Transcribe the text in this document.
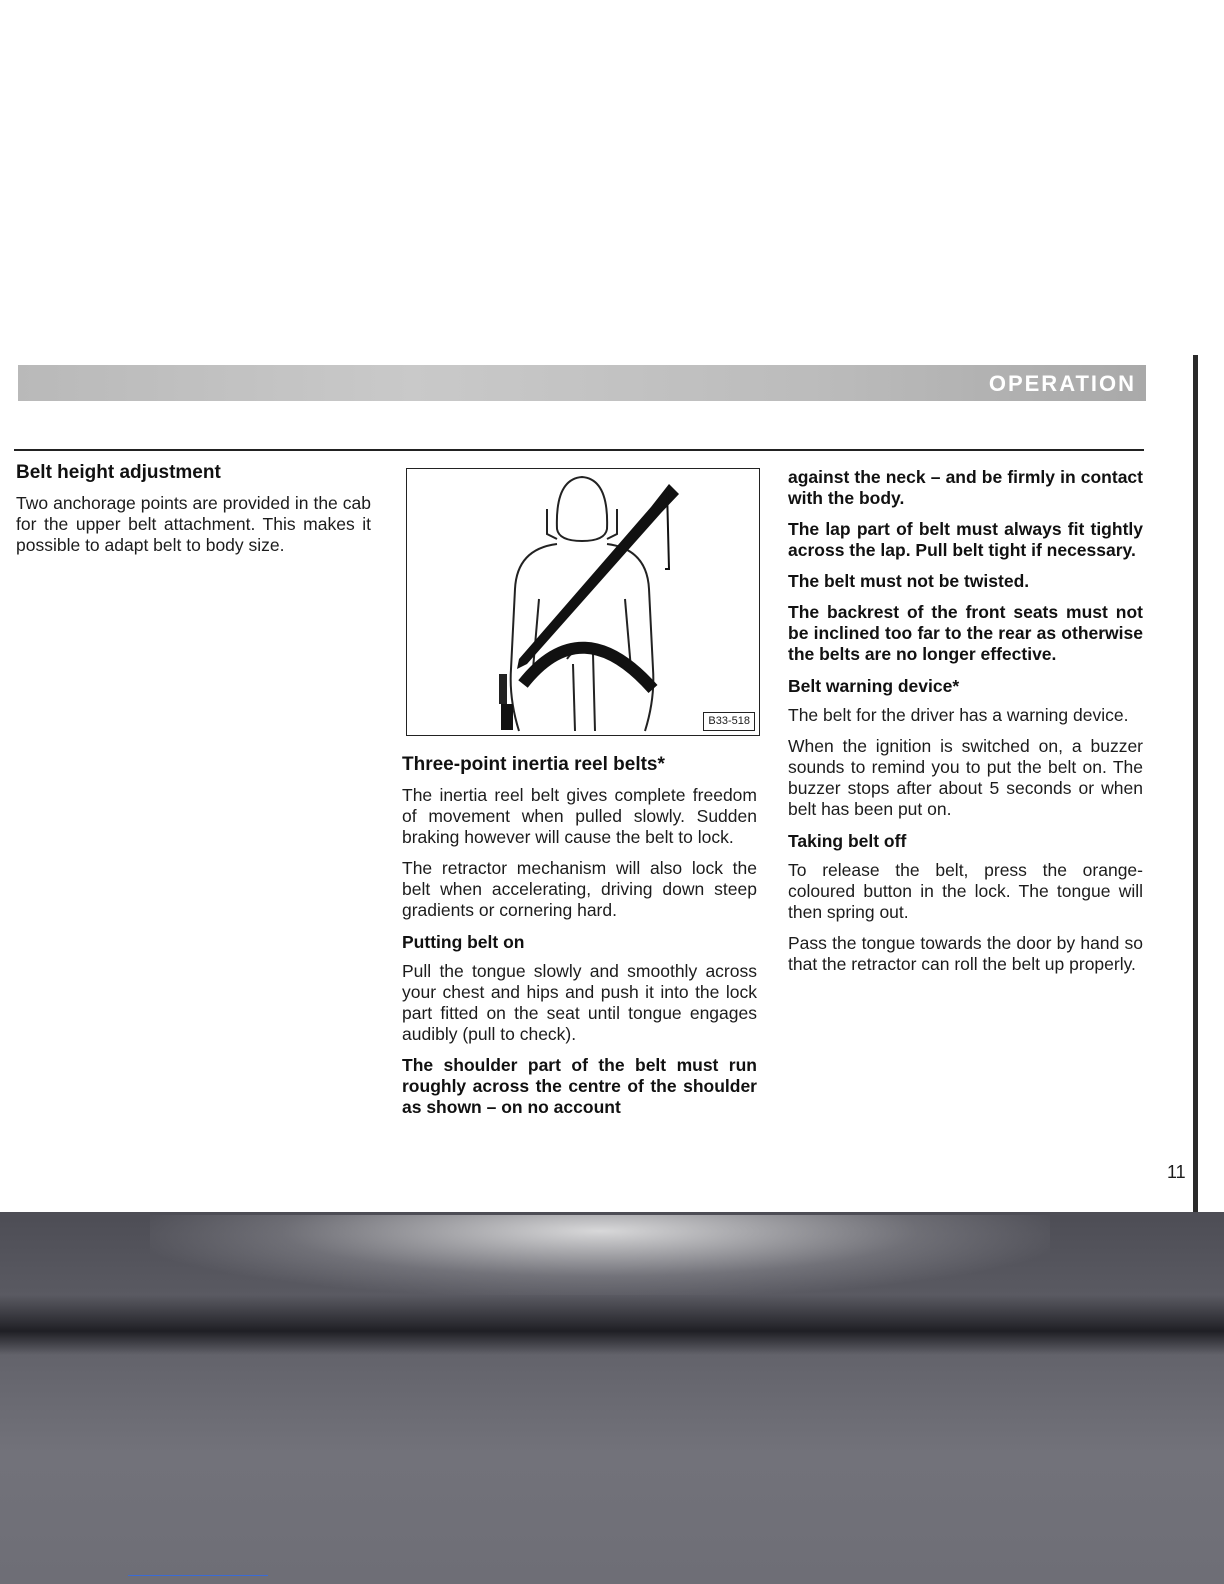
OPERATION
Belt height adjustment

Two anchorage points are provided in the cab for the upper belt attachment. This makes it possible to adapt belt to body size.

B33-518
Three-point inertia reel belts*

The inertia reel belt gives complete freedom of movement when pulled slowly. Sudden braking however will cause the belt to lock.

The retractor mechanism will also lock the belt when accelerating, driving down steep gradients or cornering hard.

Putting belt on

Pull the tongue slowly and smoothly across your chest and hips and push it into the lock part fitted on the seat until tongue engages audibly (pull to check).

The shoulder part of the belt must run roughly across the centre of the shoulder as shown – on no account

against the neck – and be firmly in contact with the body.

The lap part of belt must always fit tightly across the lap. Pull belt tight if necessary.

The belt must not be twisted.

The backrest of the front seats must not be inclined too far to the rear as otherwise the belts are no longer effective.

Belt warning device*

The belt for the driver has a warning device.

When the ignition is switched on, a buzzer sounds to remind you to put the belt on. The buzzer stops after about 5 seconds or when belt has been put on.

Taking belt off

To release the belt, press the orange-coloured button in the lock. The tongue will then spring out.

Pass the tongue towards the door by hand so that the retractor can roll the belt up properly.

11
